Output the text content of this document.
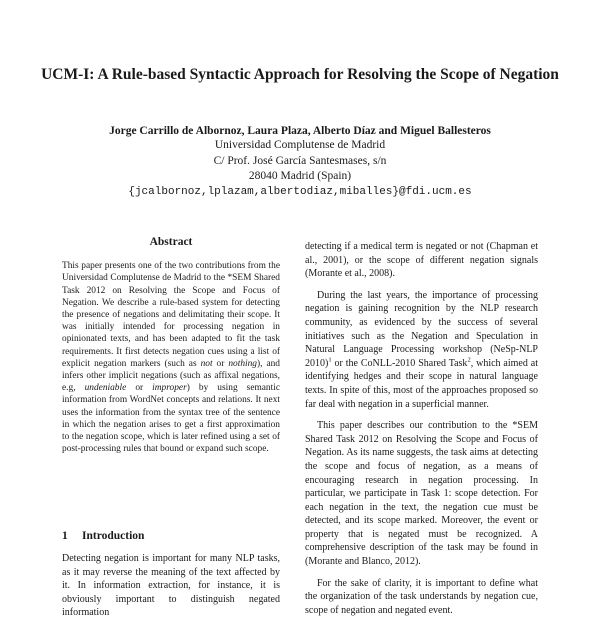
UCM-I: A Rule-based Syntactic Approach for Resolving the Scope of Negation
Jorge Carrillo de Albornoz, Laura Plaza, Alberto Díaz and Miguel Ballesteros
Universidad Complutense de Madrid
C/ Prof. José García Santesmases, s/n
28040 Madrid (Spain)
{jcalbornoz,lplazam,albertodiaz,miballes}@fdi.ucm.es
Abstract
This paper presents one of the two contributions from the Universidad Complutense de Madrid to the *SEM Shared Task 2012 on Resolving the Scope and Focus of Negation. We describe a rule-based system for detecting the presence of negations and delimitating their scope. It was initially intended for processing negation in opinionated texts, and has been adapted to fit the task requirements. It first detects negation cues using a list of explicit negation markers (such as not or nothing), and infers other implicit negations (such as affixal negations, e.g, undeniable or improper) by using semantic information from WordNet concepts and relations. It next uses the information from the syntax tree of the sentence in which the negation arises to get a first approximation to the negation scope, which is later refined using a set of post-processing rules that bound or expand such scope.
1 Introduction
Detecting negation is important for many NLP tasks, as it may reverse the meaning of the text affected by it. In information extraction, for instance, it is obviously important to distinguish negated information

detecting if a medical term is negated or not (Chapman et al., 2001), or the scope of different negation signals (Morante et al., 2008).

During the last years, the importance of processing negation is gaining recognition by the NLP research community, as evidenced by the success of several initiatives such as the Negation and Speculation in Natural Language Processing workshop (NeSp-NLP 2010)$^1$ or the CoNLL-2010 Shared Task$^2$, which aimed at identifying hedges and their scope in natural language texts. In spite of this, most of the approaches proposed so far deal with negation in a superficial manner.

This paper describes our contribution to the *SEM Shared Task 2012 on Resolving the Scope and Focus of Negation. As its name suggests, the task aims at detecting the scope and focus of negation, as a means of encouraging research in negation processing. In particular, we participate in Task 1: scope detection. For each negation in the text, the negation cue must be detected, and its scope marked. Moreover, the event or property that is negated must be recognized. A comprehensive description of the task may be found in (Morante and Blanco, 2012).

For the sake of clarity, it is important to define what the organization of the task understands by negation cue, scope of negation and negated event.
